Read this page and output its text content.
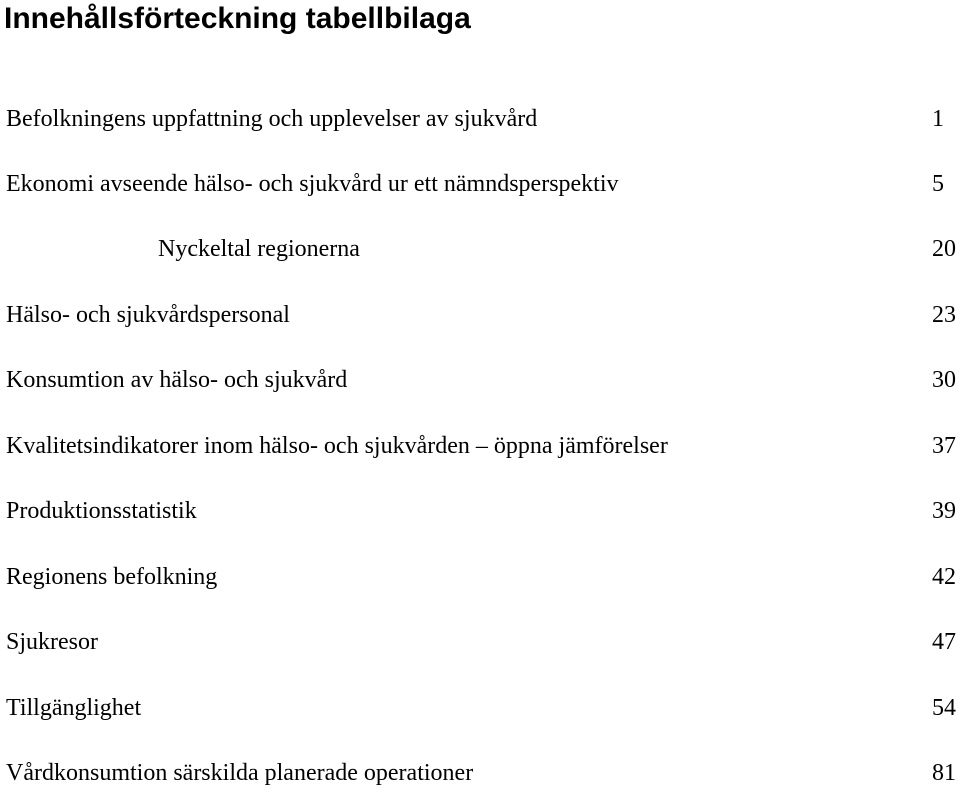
Innehållsförteckning tabellbilaga
Befolkningens uppfattning och upplevelser av sjukvård	1
Ekonomi avseende hälso- och sjukvård ur ett nämndsperspektiv	5
Nyckeltal regionerna	20
Hälso- och sjukvårdspersonal	23
Konsumtion av hälso- och sjukvård	30
Kvalitetsindikatorer inom hälso- och sjukvården – öppna jämförelser	37
Produktionsstatistik	39
Regionens befolkning	42
Sjukresor	47
Tillgänglighet	54
Vårdkonsumtion särskilda planerade operationer	81
